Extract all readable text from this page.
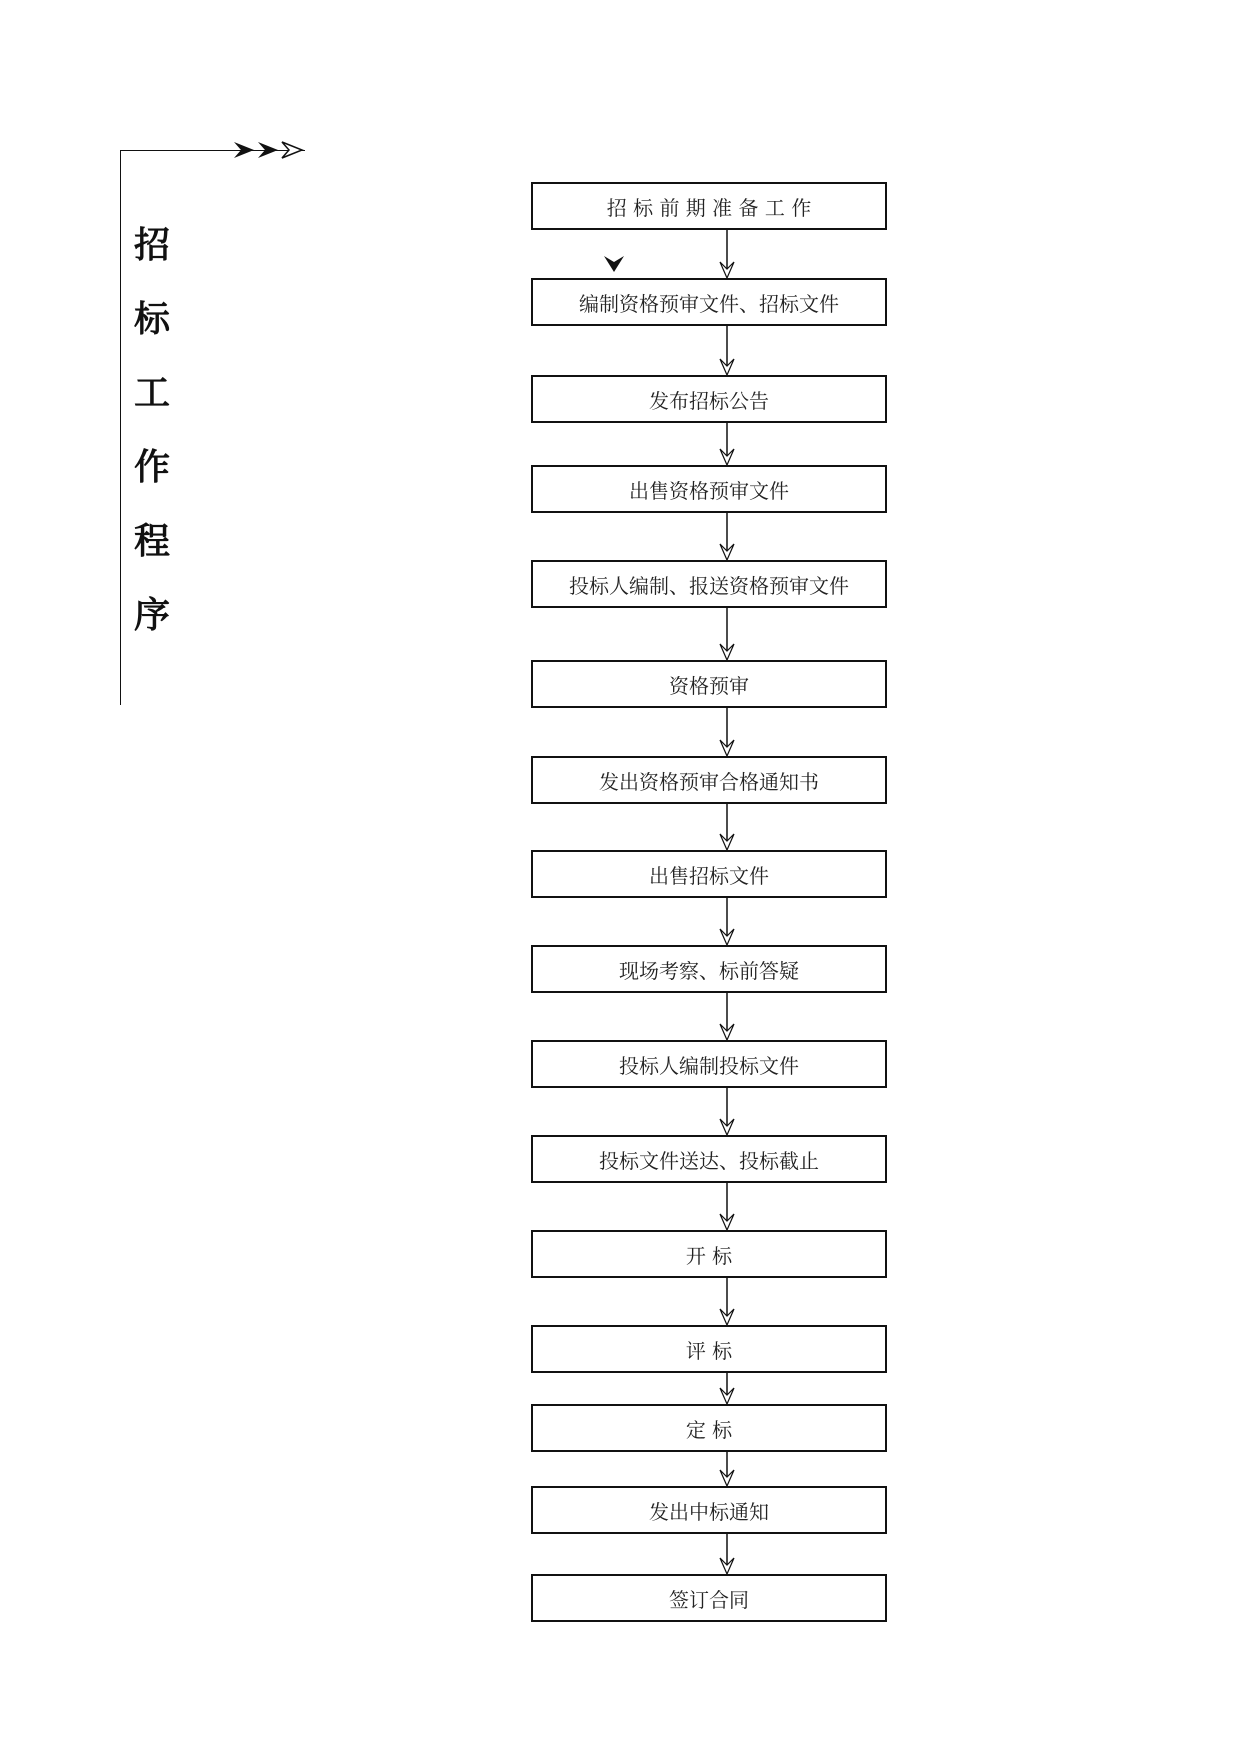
招
标
工
作
程
序
招 标 前 期 准 备 工 作
编制资格预审文件、招标文件
发布招标公告
出售资格预审文件
投标人编制、报送资格预审文件
资格预审
发出资格预审合格通知书
出售招标文件
现场考察、标前答疑
投标人编制投标文件
投标文件送达、投标截止
开 标
评 标
定 标
发出中标通知
签订合同
